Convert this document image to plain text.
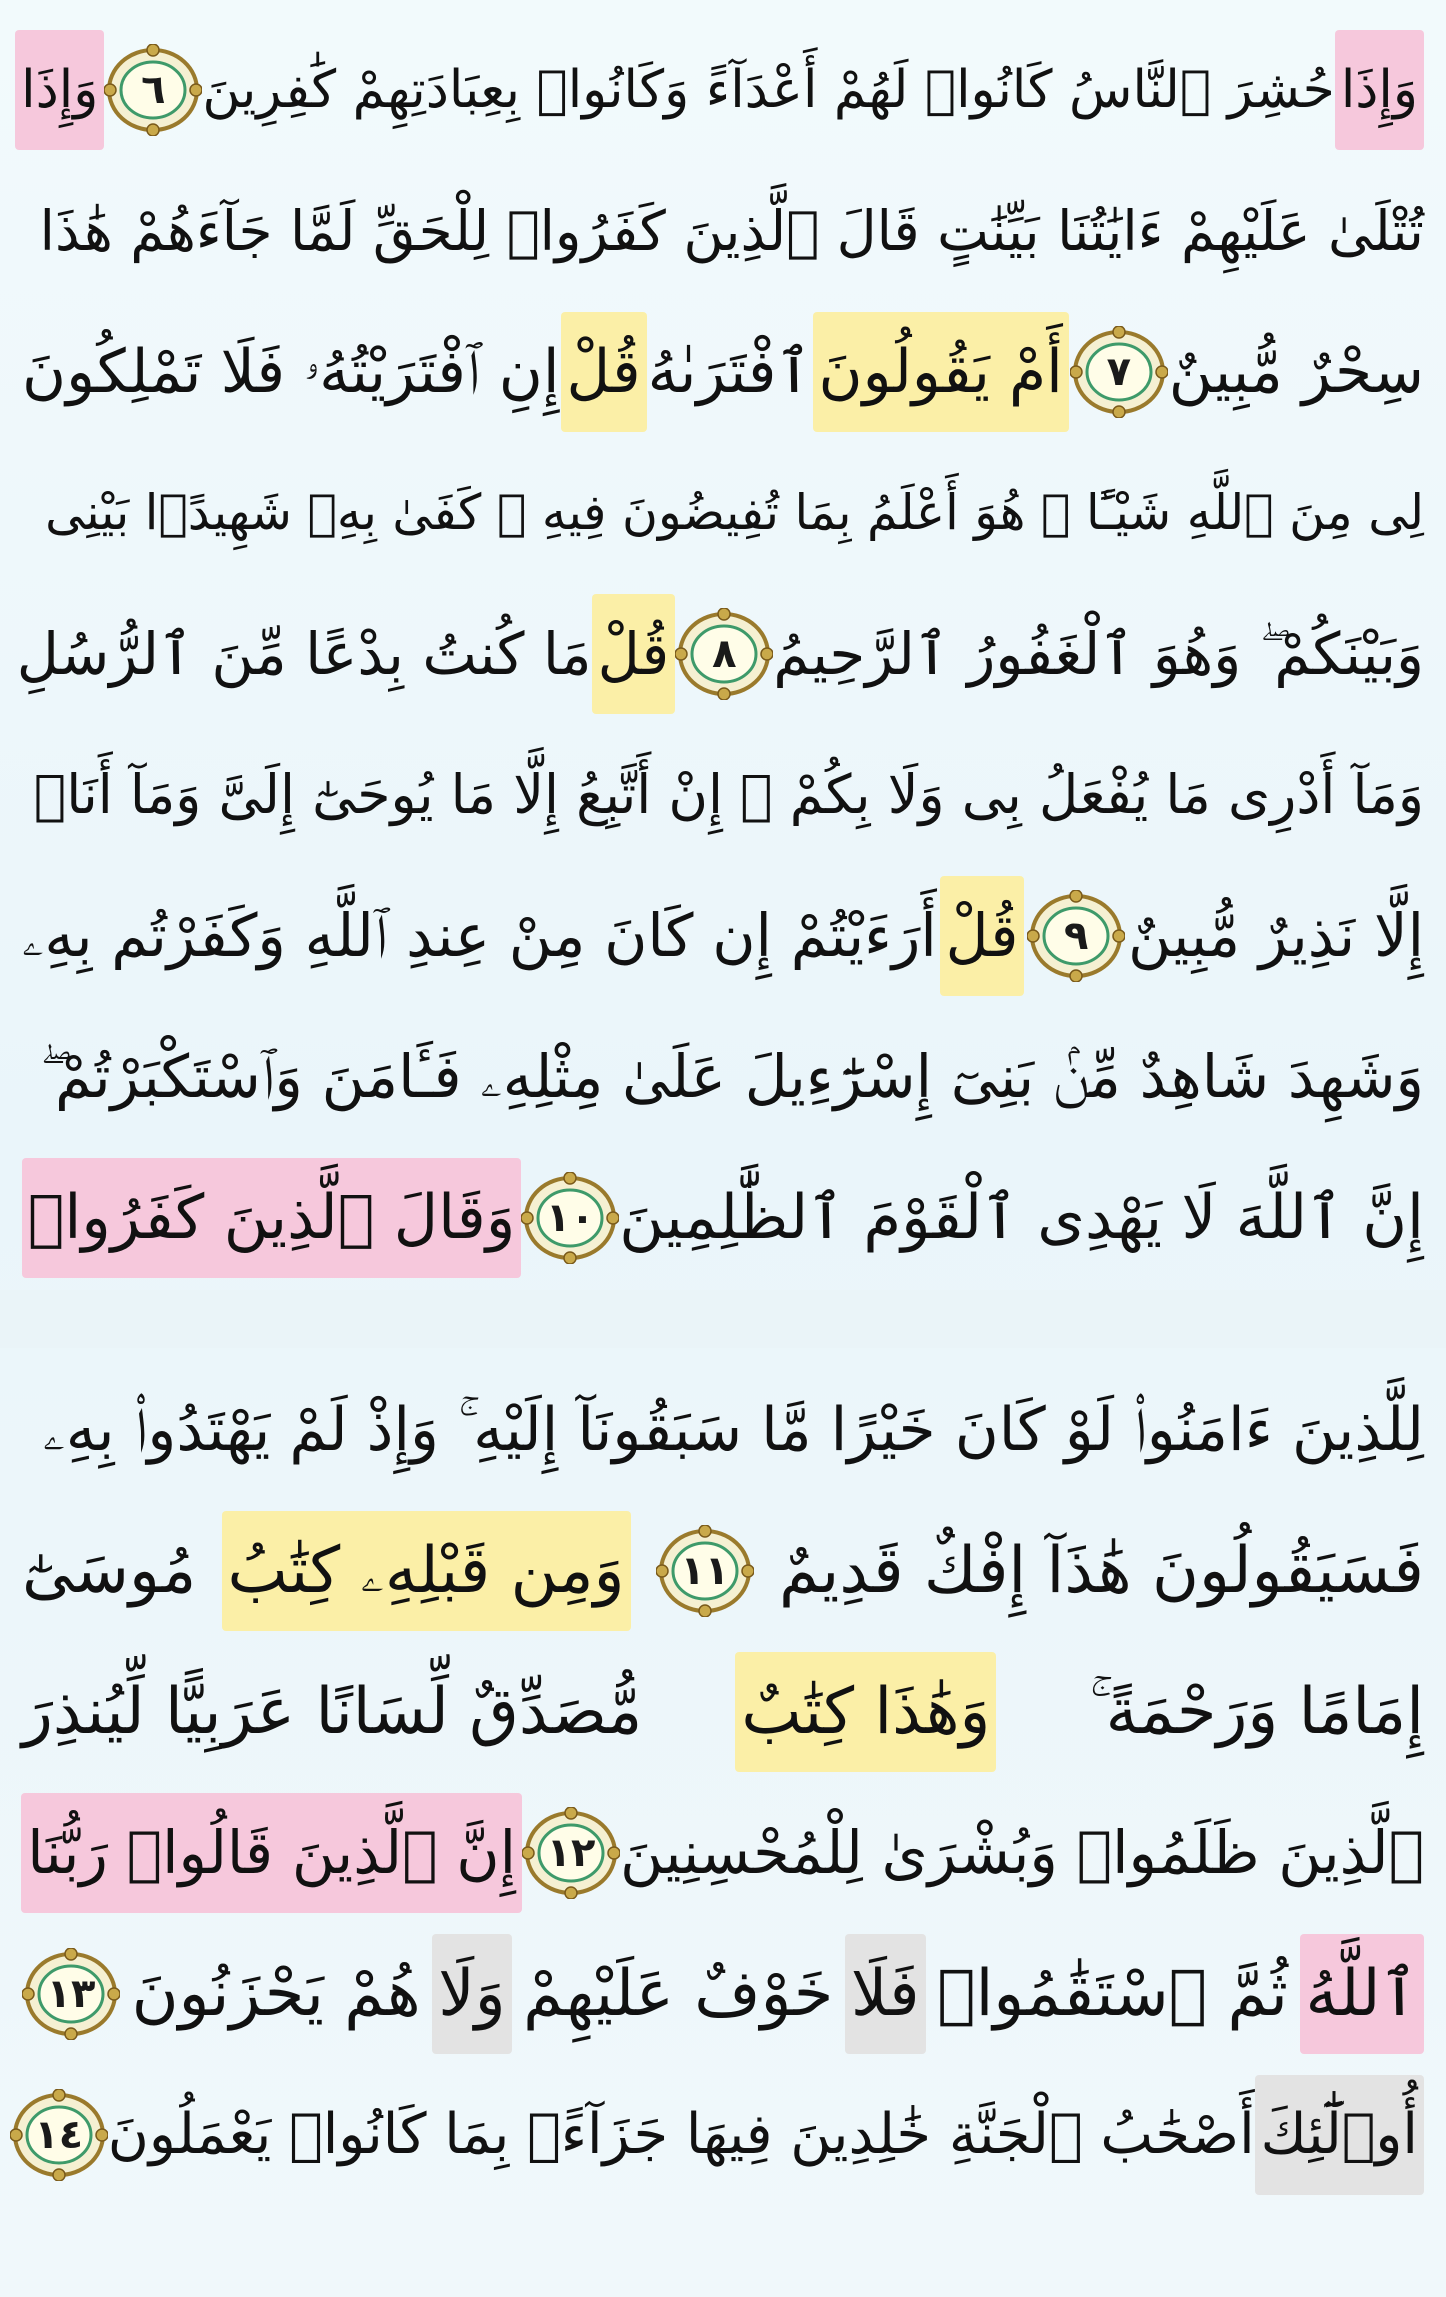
وَإِذَا
حُشِرَ ٱلنَّاسُ كَانُوا۟ لَهُمْ أَعْدَآءً وَكَانُوا۟ بِعِبَادَتِهِمْ كَٰفِرِينَ
٦
وَإِذَا
تُتْلَىٰ عَلَيْهِمْ ءَايَٰتُنَا بَيِّنَٰتٍ قَالَ ٱلَّذِينَ كَفَرُوا۟ لِلْحَقِّ لَمَّا جَآءَهُمْ هَٰذَا
سِحْرٌ مُّبِينٌ
٧
أَمْ يَقُولُونَ
ٱفْتَرَىٰهُ
قُلْ
إِنِ ٱفْتَرَيْتُهُۥ فَلَا تَمْلِكُونَ
لِى مِنَ ٱللَّهِ شَيْـًٔا ۖ هُوَ أَعْلَمُ بِمَا تُفِيضُونَ فِيهِ ۖ كَفَىٰ بِهِۦ شَهِيدًۢا بَيْنِى
وَبَيْنَكُمْ ۖ وَهُوَ ٱلْغَفُورُ ٱلرَّحِيمُ
٨
قُلْ
مَا كُنتُ بِدْعًا مِّنَ ٱلرُّسُلِ
وَمَآ أَدْرِى مَا يُفْعَلُ بِى وَلَا بِكُمْ ۖ إِنْ أَتَّبِعُ إِلَّا مَا يُوحَىٰٓ إِلَىَّ وَمَآ أَنَا۠
إِلَّا نَذِيرٌ مُّبِينٌ
٩
قُلْ
أَرَءَيْتُمْ إِن كَانَ مِنْ عِندِ ٱللَّهِ وَكَفَرْتُم بِهِۦ
وَشَهِدَ شَاهِدٌ مِّنۢ بَنِىٓ إِسْرَٰٓءِيلَ عَلَىٰ مِثْلِهِۦ فَـَٔامَنَ وَٱسْتَكْبَرْتُمْ ۖ
إِنَّ ٱللَّهَ لَا يَهْدِى ٱلْقَوْمَ ٱلظَّٰلِمِينَ
١٠
وَقَالَ ٱلَّذِينَ كَفَرُوا۟
لِلَّذِينَ ءَامَنُوا۟ لَوْ كَانَ خَيْرًا مَّا سَبَقُونَآ إِلَيْهِ ۚ وَإِذْ لَمْ يَهْتَدُوا۟ بِهِۦ
فَسَيَقُولُونَ هَٰذَآ إِفْكٌ قَدِيمٌ
١١
وَمِن قَبْلِهِۦ كِتَٰبُ
مُوسَىٰٓ
إِمَامًا وَرَحْمَةً ۚ
وَهَٰذَا كِتَٰبٌ
مُّصَدِّقٌ لِّسَانًا عَرَبِيًّا لِّيُنذِرَ
ٱلَّذِينَ ظَلَمُوا۟ وَبُشْرَىٰ لِلْمُحْسِنِينَ
١٢
إِنَّ ٱلَّذِينَ قَالُوا۟ رَبُّنَا
ٱللَّهُ
ثُمَّ ٱسْتَقَٰمُوا۟
فَلَا
خَوْفٌ عَلَيْهِمْ
وَلَا
هُمْ يَحْزَنُونَ
١٣
أُو۟لَٰٓئِكَ
أَصْحَٰبُ ٱلْجَنَّةِ خَٰلِدِينَ فِيهَا جَزَآءًۢ بِمَا كَانُوا۟ يَعْمَلُونَ
١٤
